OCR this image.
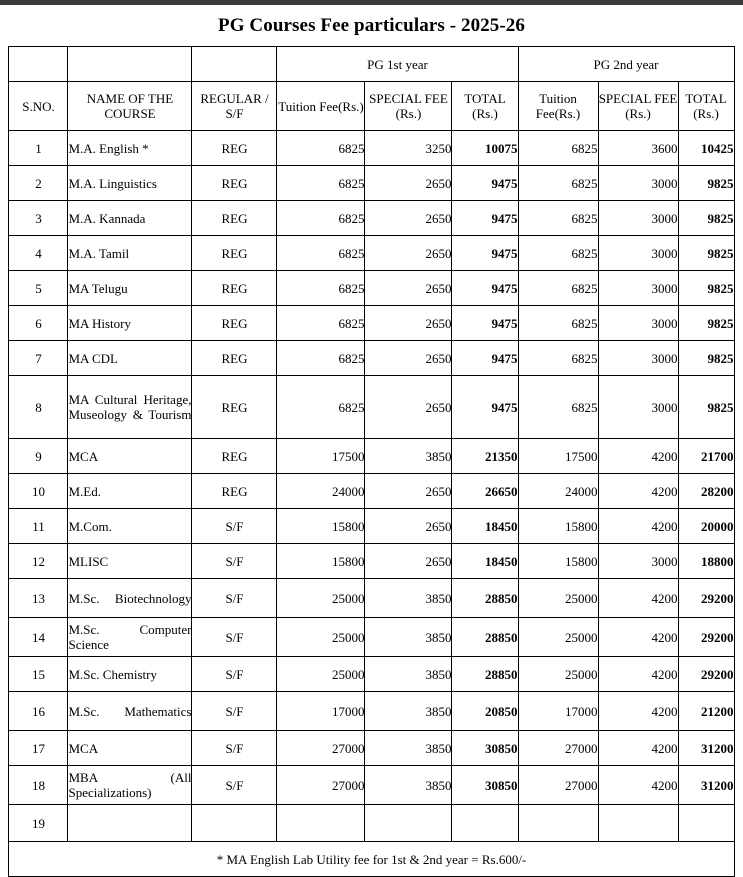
PG Courses Fee particulars - 2025-26
			PG 1st year			PG 2nd year		
S.NO.	NAME OF THE COURSE	REGULAR / S/F	Tuition Fee(Rs.)	SPECIAL FEE (Rs.)	TOTAL (Rs.)	Tuition Fee(Rs.)	SPECIAL FEE (Rs.)	TOTAL (Rs.)
1	M.A. English *	REG	6825	3250	10075	6825	3600	10425
2	M.A. Linguistics	REG	6825	2650	9475	6825	3000	9825
3	M.A. Kannada	REG	6825	2650	9475	6825	3000	9825
4	M.A. Tamil	REG	6825	2650	9475	6825	3000	9825
5	MA Telugu	REG	6825	2650	9475	6825	3000	9825
6	MA History	REG	6825	2650	9475	6825	3000	9825
7	MA CDL	REG	6825	2650	9475	6825	3000	9825
8	MA Cultural Heritage, Museology & Tourism	REG	6825	2650	9475	6825	3000	9825
9	MCA	REG	17500	3850	21350	17500	4200	21700
10	M.Ed.	REG	24000	2650	26650	24000	4200	28200
11	M.Com.	S/F	15800	2650	18450	15800	4200	20000
12	MLISC	S/F	15800	2650	18450	15800	3000	18800
13	M.Sc. Biotechnology	S/F	25000	3850	28850	25000	4200	29200
14	M.Sc. Computer Science	S/F	25000	3850	28850	25000	4200	29200
15	M.Sc. Chemistry	S/F	25000	3850	28850	25000	4200	29200
16	M.Sc. Mathematics	S/F	17000	3850	20850	17000	4200	21200
17	MCA	S/F	27000	3850	30850	27000	4200	31200
18	MBA (All Specializations)	S/F	27000	3850	30850	27000	4200	31200
19								
* MA English Lab Utility fee for 1st & 2nd year = Rs.600/-								
